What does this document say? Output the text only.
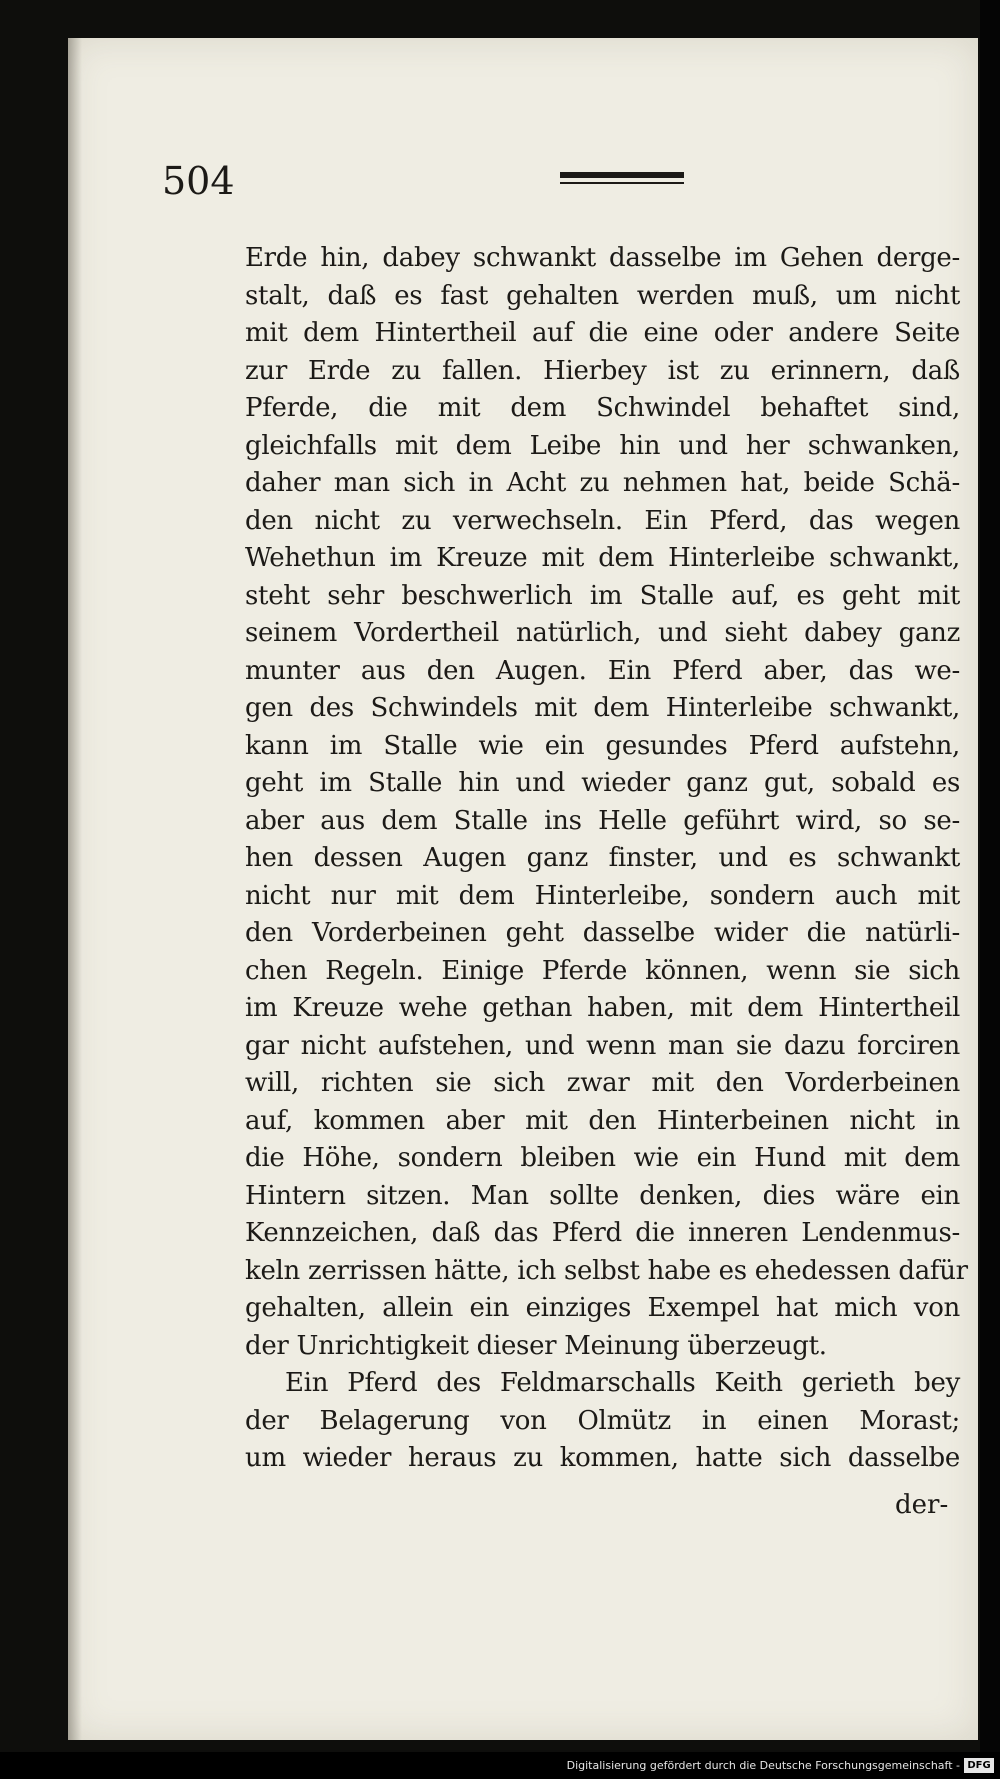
504
Erde hin, dabey schwankt dasselbe im Gehen derge-
stalt, daß es fast gehalten werden muß, um nicht
mit dem Hintertheil auf die eine oder andere Seite
zur Erde zu fallen. Hierbey ist zu erinnern, daß
Pferde, die mit dem Schwindel behaftet sind,
gleichfalls mit dem Leibe hin und her schwanken,
daher man sich in Acht zu nehmen hat, beide Schä-
den nicht zu verwechseln. Ein Pferd, das wegen
Wehethun im Kreuze mit dem Hinterleibe schwankt,
steht sehr beschwerlich im Stalle auf, es geht mit
seinem Vordertheil natürlich, und sieht dabey ganz
munter aus den Augen. Ein Pferd aber, das we-
gen des Schwindels mit dem Hinterleibe schwankt,
kann im Stalle wie ein gesundes Pferd aufstehn,
geht im Stalle hin und wieder ganz gut, sobald es
aber aus dem Stalle ins Helle geführt wird, so se-
hen dessen Augen ganz finster, und es schwankt
nicht nur mit dem Hinterleibe, sondern auch mit
den Vorderbeinen geht dasselbe wider die natürli-
chen Regeln. Einige Pferde können, wenn sie sich
im Kreuze wehe gethan haben, mit dem Hintertheil
gar nicht aufstehen, und wenn man sie dazu forciren
will, richten sie sich zwar mit den Vorderbeinen
auf, kommen aber mit den Hinterbeinen nicht in
die Höhe, sondern bleiben wie ein Hund mit dem
Hintern sitzen. Man sollte denken, dies wäre ein
Kennzeichen, daß das Pferd die inneren Lendenmus-
keln zerrissen hätte, ich selbst habe es ehedessen dafür
gehalten, allein ein einziges Exempel hat mich von
der Unrichtigkeit dieser Meinung überzeugt.
Ein Pferd des Feldmarschalls Keith gerieth bey
der Belagerung von Olmütz in einen Morast;
um wieder heraus zu kommen, hatte sich dasselbe
der-
Digitalisierung gefördert durch die Deutsche Forschungsgemeinschaft - DFG
